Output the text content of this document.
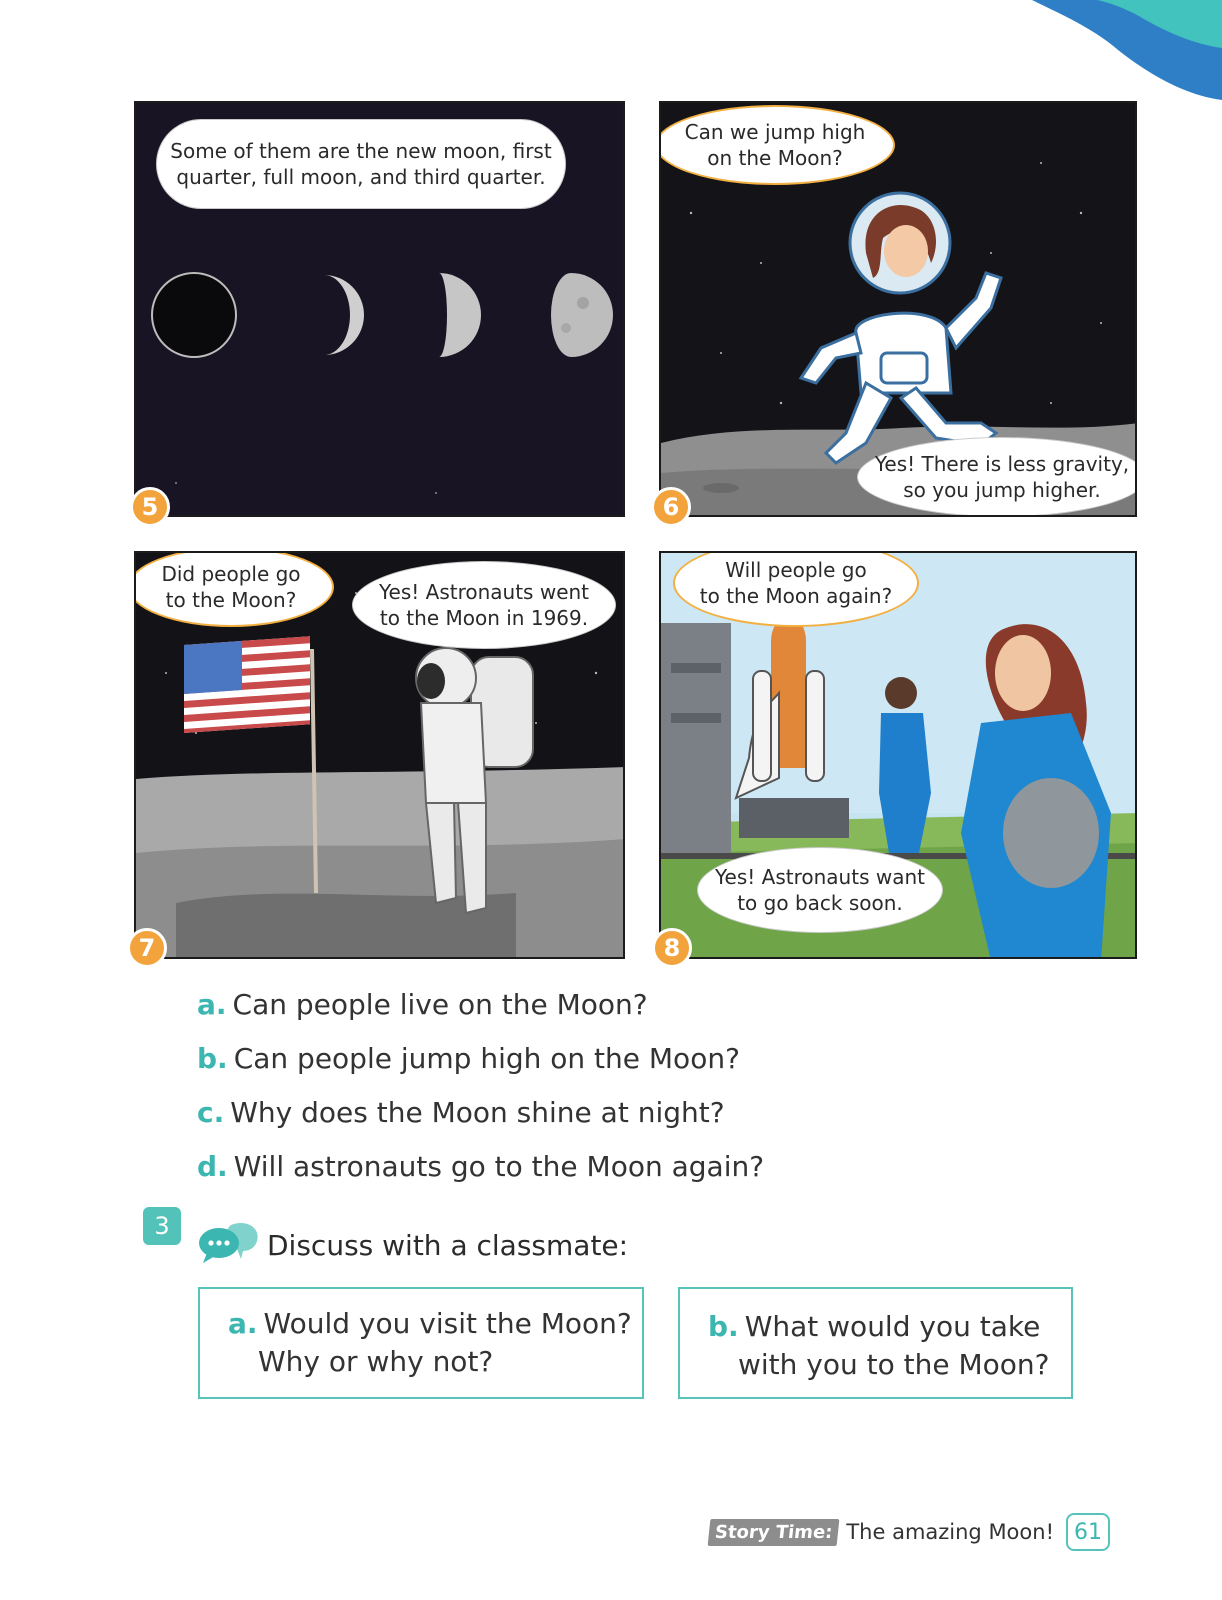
Some of them are the new moon, first
quarter, full moon, and third quarter.
5
Can we jump high
on the Moon?
Yes! There is less gravity,
so you jump higher.
6
Did people go
to the Moon?	Yes! Astronauts went
to the Moon in 1969.
7
Will people go
to the Moon again?
Yes! Astronauts want
to go back soon.
8
a. Can people live on the Moon?
b. Can people jump high on the Moon?
c. Why does the Moon shine at night?
d. Will astronauts go to the Moon again?
3
Discuss with a classmate:
a. Would you visit the Moon?
Why or why not?
b. What would you take
with you to the Moon?
Story Time: The amazing Moon! 61
